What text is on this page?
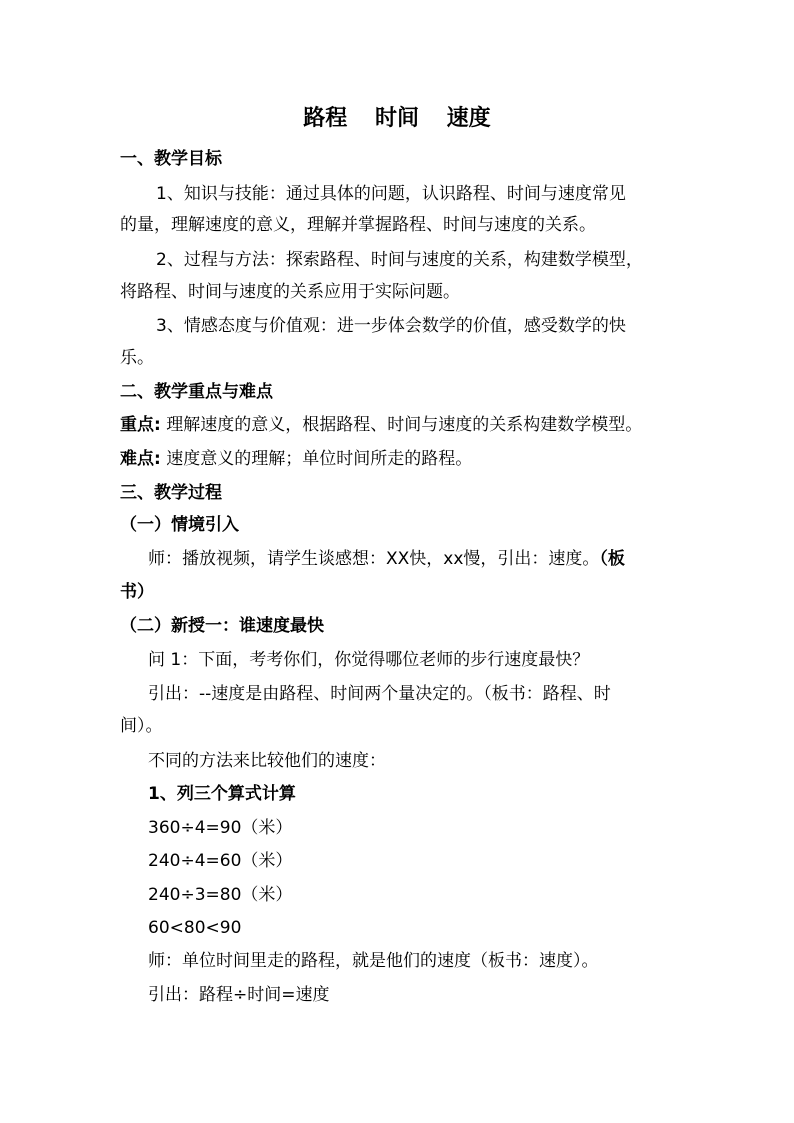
路程 时间 速度
一、教学目标
1、知识与技能：通过具体的问题，认识路程、时间与速度常见
的量，理解速度的意义，理解并掌握路程、时间与速度的关系。
2、过程与方法：探索路程、时间与速度的关系，构建数学模型，
将路程、时间与速度的关系应用于实际问题。
3、情感态度与价值观：进一步体会数学的价值，感受数学的快
乐。
二、教学重点与难点
重点: 理解速度的意义，根据路程、时间与速度的关系构建数学模型。
难点: 速度意义的理解；单位时间所走的路程。
三、教学过程
（一）情境引入
师：播放视频，请学生谈感想：XX快，xx慢，引出：速度。（板
书）
（二）新授一：谁速度最快
问 1：下面，考考你们，你觉得哪位老师的步行速度最快？
引出：--速度是由路程、时间两个量决定的。（板书：路程、时
间）。
不同的方法来比较他们的速度：
1、列三个算式计算
360÷4=90（米）
240÷4=60（米）
240÷3=80（米）
60<80<90
师：单位时间里走的路程，就是他们的速度（板书：速度）。
引出：路程÷时间=速度
